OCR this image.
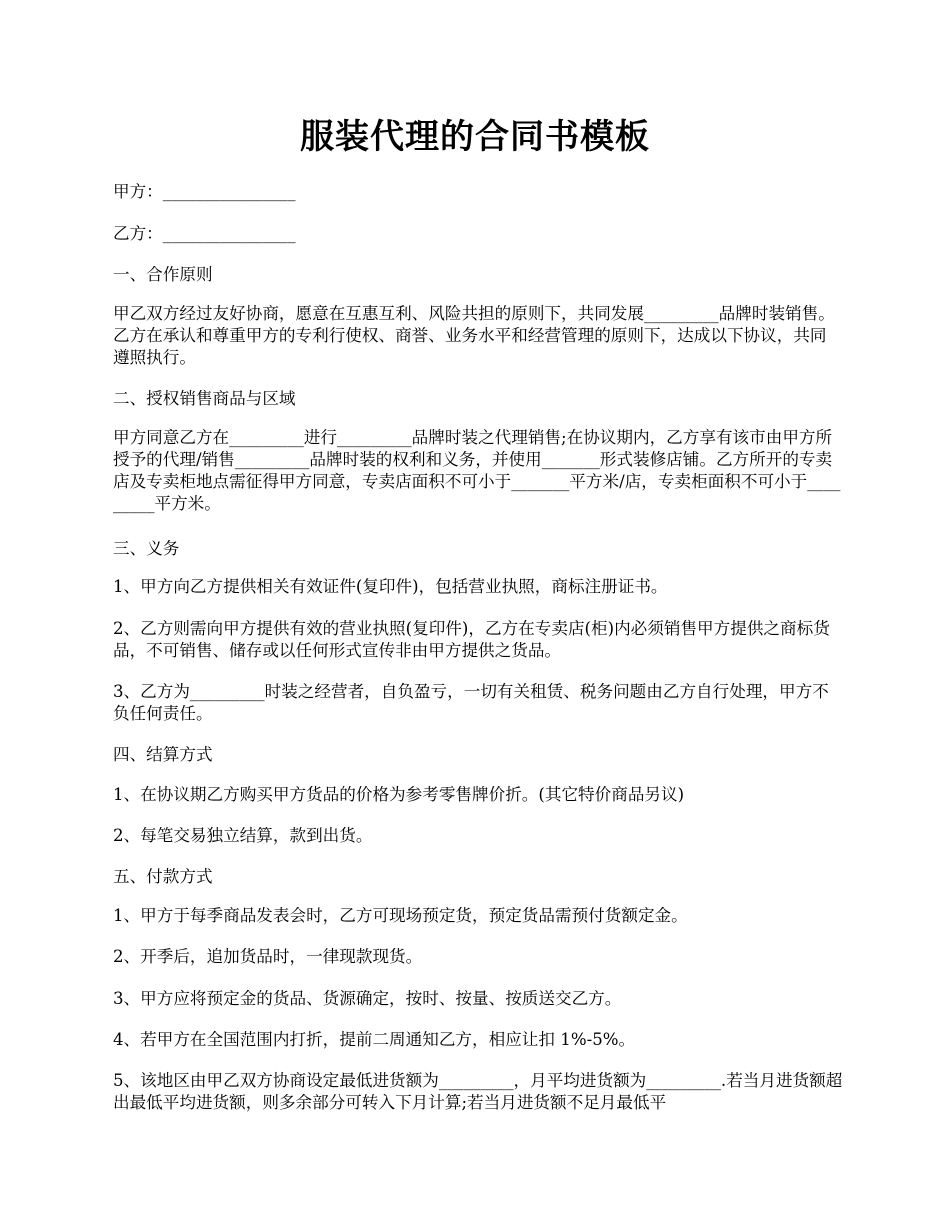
服装代理的合同书模板

甲方：________________

乙方：________________

一、合作原则

甲乙双方经过友好协商，愿意在互惠互利、风险共担的原则下，共同发展_________品牌时装销售。乙方在承认和尊重甲方的专利行使权、商誉、业务水平和经营管理的原则下，达成以下协议，共同遵照执行。

二、授权销售商品与区域

甲方同意乙方在_________进行_________品牌时装之代理销售;在协议期内，乙方享有该市由甲方所授予的代理/销售_________品牌时装的权利和义务，并使用_______形式装修店铺。乙方所开的专卖店及专卖柜地点需征得甲方同意，专卖店面积不可小于_______平方米/店，专卖柜面积不可小于_________平方米。

三、义务

1、甲方向乙方提供相关有效证件(复印件)，包括营业执照，商标注册证书。

2、乙方则需向甲方提供有效的营业执照(复印件)，乙方在专卖店(柜)内必须销售甲方提供之商标货品，不可销售、储存或以任何形式宣传非由甲方提供之货品。

3、乙方为_________时装之经营者，自负盈亏，一切有关租赁、税务问题由乙方自行处理，甲方不负任何责任。

四、结算方式

1、在协议期乙方购买甲方货品的价格为参考零售牌价折。(其它特价商品另议)

2、每笔交易独立结算，款到出货。

五、付款方式

1、甲方于每季商品发表会时，乙方可现场预定货，预定货品需预付货额定金。

2、开季后，追加货品时，一律现款现货。

3、甲方应将预定金的货品、货源确定，按时、按量、按质送交乙方。

4、若甲方在全国范围内打折，提前二周通知乙方，相应让扣 1%-5%。

5、该地区由甲乙双方协商设定最低进货额为_________，月平均进货额为_________.若当月进货额超出最低平均进货额，则多余部分可转入下月计算;若当月进货额不足月最低平
